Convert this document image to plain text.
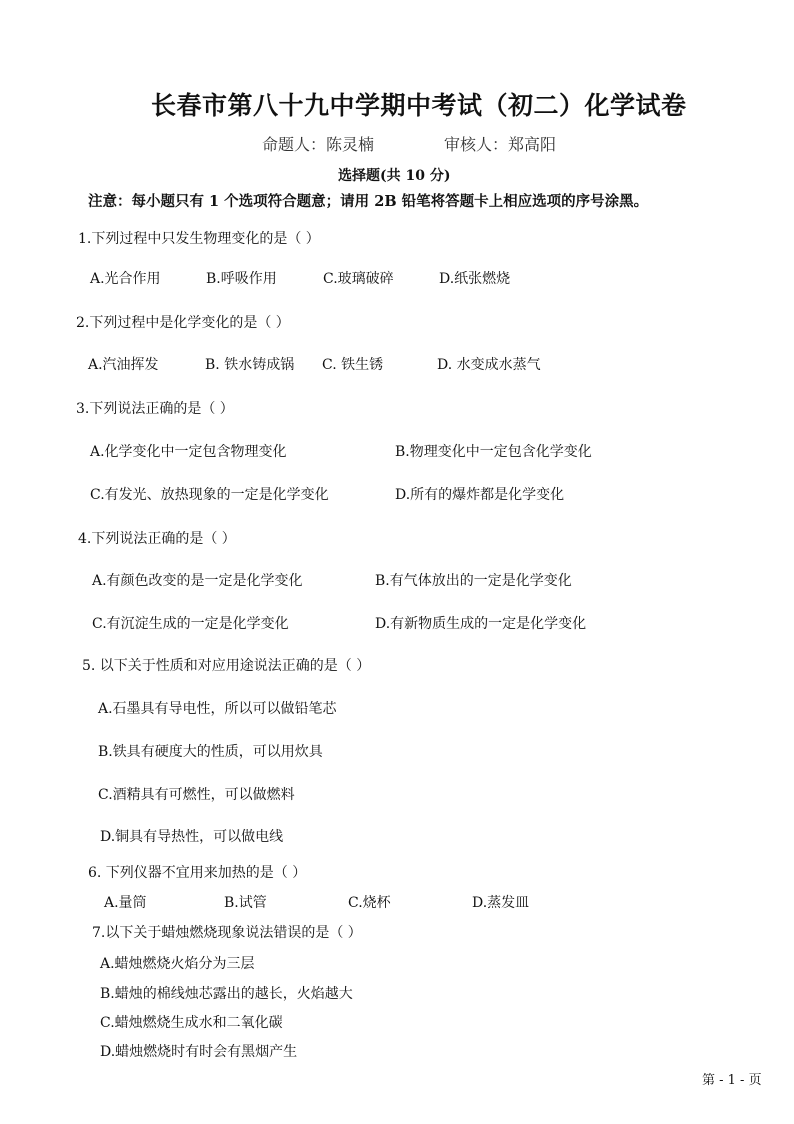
长春市第八十九中学期中考试（初二）化学试卷
命题人：陈灵楠	审核人：郑高阳
选择题(共 10 分)
注意：每小题只有 1 个选项符合题意；请用 2B 铅笔将答题卡上相应选项的序号涂黑。
1.下列过程中只发生物理变化的是（ ）
A.光合作用	B.呼吸作用	C.玻璃破碎	D.纸张燃烧
2.下列过程中是化学变化的是（ ）
A.汽油挥发	B. 铁水铸成锅 C. 铁生锈	D. 水变成水蒸气
3.下列说法正确的是（ ）
A.化学变化中一定包含物理变化	B.物理变化中一定包含化学变化
C.有发光、放热现象的一定是化学变化	D.所有的爆炸都是化学变化
4.下列说法正确的是（ ）
A.有颜色改变的是一定是化学变化	B.有气体放出的一定是化学变化
C.有沉淀生成的一定是化学变化	D.有新物质生成的一定是化学变化
5. 以下关于性质和对应用途说法正确的是（ ）
A.石墨具有导电性，所以可以做铅笔芯
B.铁具有硬度大的性质，可以用炊具
C.酒精具有可燃性，可以做燃料
D.铜具有导热性，可以做电线
6. 下列仪器不宜用来加热的是（ ）
A.量筒	B.试管	C.烧杯	D.蒸发皿
7.以下关于蜡烛燃烧现象说法错误的是（ ）
A.蜡烛燃烧火焰分为三层
B.蜡烛的棉线烛芯露出的越长，火焰越大
C.蜡烛燃烧生成水和二氧化碳
D.蜡烛燃烧时有时会有黑烟产生
第 - 1 - 页
